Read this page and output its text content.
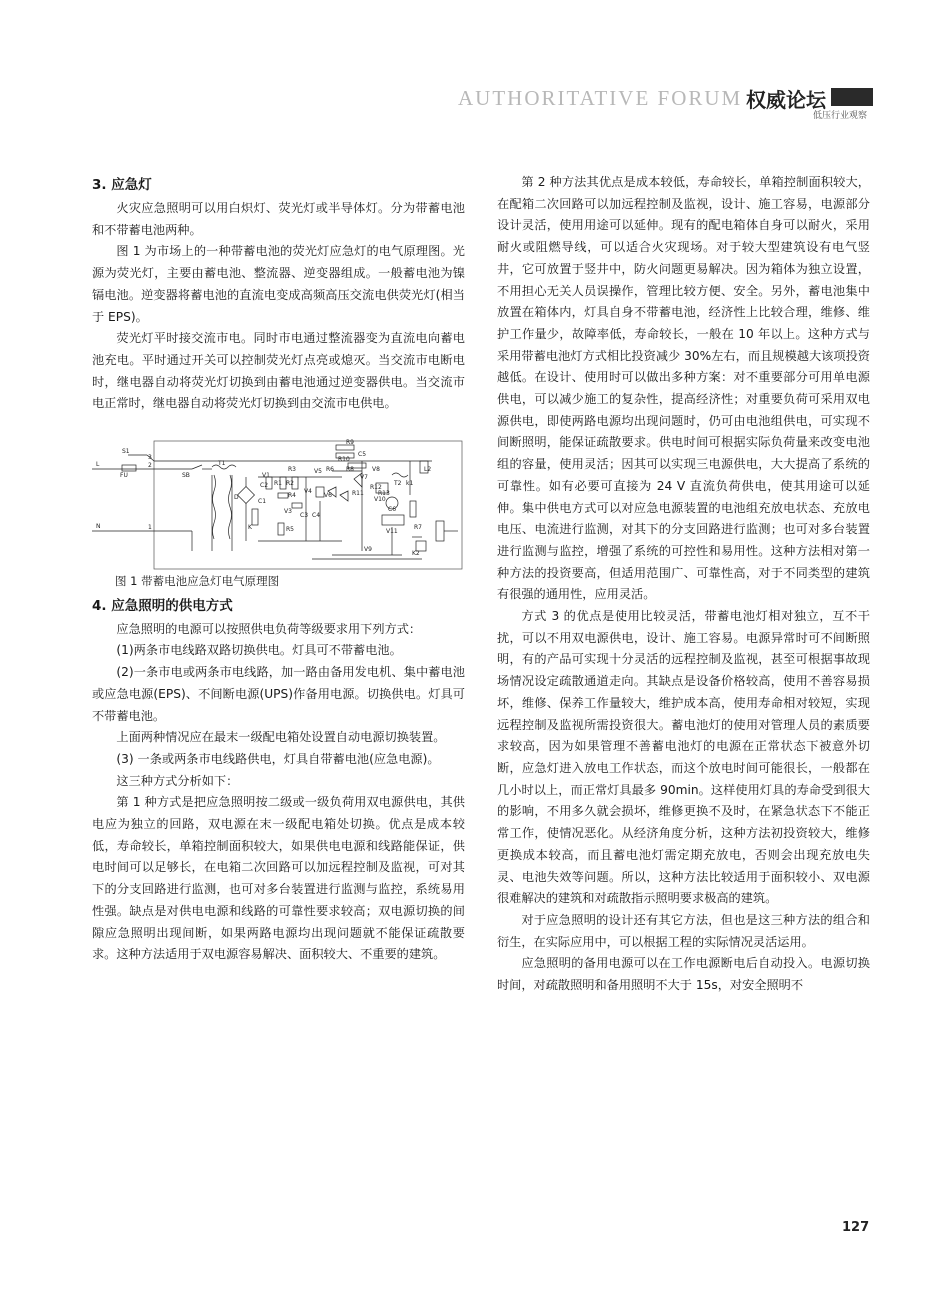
AUTHORITATIVE FORUM 权威论坛
低压行业观察
3. 应急灯

火灾应急照明可以用白炽灯、荧光灯或半导体灯。分为带蓄电池和不带蓄电池两种。

图 1 为市场上的一种带蓄电池的荧光灯应急灯的电气原理图。光源为荧光灯，主要由蓄电池、整流器、逆变器组成。一般蓄电池为镍镉电池。逆变器将蓄电池的直流电变成高频高压交流电供荧光灯(相当于 EPS)。

荧光灯平时接交流市电。同时市电通过整流器变为直流电向蓄电池充电。平时通过开关可以控制荧光灯点亮或熄灭。当交流市电断电时，继电器自动将荧光灯切换到由蓄电池通过逆变器供电。当交流市电正常时，继电器自动将荧光灯切换到由交流市电供电。

S1
L
FU
N
SB
T1
D
C1
K
R1 R2
R3
R4
R5
R6
R7
R8
R9
R10
R11
R12
R13
C2
C3 C4
C5
C6
V1
V3
V4
V5
V6
V7
V8
V9
V10
V11
T2 k1
L2
K2
1
2
3

图 1 带蓄电池应急灯电气原理图

4. 应急照明的供电方式

应急照明的电源可以按照供电负荷等级要求用下列方式：

(1)两条市电线路双路切换供电。灯具可不带蓄电池。

(2)一条市电或两条市电线路，加一路由备用发电机、集中蓄电池或应急电源(EPS)、不间断电源(UPS)作备用电源。切换供电。灯具可不带蓄电池。

上面两种情况应在最末一级配电箱处设置自动电源切换装置。

(3) 一条或两条市电线路供电，灯具自带蓄电池(应急电源)。

这三种方式分析如下：

第 1 种方式是把应急照明按二级或一级负荷用双电源供电，其供电应为独立的回路，双电源在末一级配电箱处切换。优点是成本较低，寿命较长，单箱控制面积较大，如果供电电源和线路能保证，供电时间可以足够长，在电箱二次回路可以加远程控制及监视，可对其下的分支回路进行监测，也可对多台装置进行监测与监控，系统易用性强。缺点是对供电电源和线路的可靠性要求较高；双电源切换的间隙应急照明出现间断，如果两路电源均出现问题就不能保证疏散要求。这种方法适用于双电源容易解决、面积较大、不重要的建筑。

第 2 种方法其优点是成本较低，寿命较长，单箱控制面积较大，在配箱二次回路可以加远程控制及监视，设计、施工容易，电源部分设计灵活，使用用途可以延伸。现有的配电箱体自身可以耐火，采用耐火或阻燃导线，可以适合火灾现场。对于较大型建筑设有电气竖井，它可放置于竖井中，防火问题更易解决。因为箱体为独立设置，不用担心无关人员误操作，管理比较方便、安全。另外，蓄电池集中放置在箱体内，灯具自身不带蓄电池，经济性上比较合理，维修、维护工作量少，故障率低，寿命较长，一般在 10 年以上。这种方式与采用带蓄电池灯方式相比投资减少 30%左右，而且规模越大该项投资越低。在设计、使用时可以做出多种方案：对不重要部分可用单电源供电，可以减少施工的复杂性，提高经济性；对重要负荷可采用双电源供电，即使两路电源均出现问题时，仍可由电池组供电，可实现不间断照明，能保证疏散要求。供电时间可根据实际负荷量来改变电池组的容量，使用灵活；因其可以实现三电源供电，大大提高了系统的可靠性。如有必要可直接为 24 V 直流负荷供电，使其用途可以延伸。集中供电方式可以对应急电源装置的电池组充放电状态、充放电电压、电流进行监测，对其下的分支回路进行监测；也可对多台装置进行监测与监控，增强了系统的可控性和易用性。这种方法相对第一种方法的投资要高，但适用范围广、可靠性高，对于不同类型的建筑有很强的通用性，应用灵活。

方式 3 的优点是使用比较灵活，带蓄电池灯相对独立，互不干扰，可以不用双电源供电，设计、施工容易。电源异常时可不间断照明，有的产品可实现十分灵活的远程控制及监视，甚至可根据事故现场情况设定疏散通道走向。其缺点是设备价格较高，使用不善容易损坏，维修、保养工作量较大，维护成本高，使用寿命相对较短，实现远程控制及监视所需投资很大。蓄电池灯的使用对管理人员的素质要求较高，因为如果管理不善蓄电池灯的电源在正常状态下被意外切断，应急灯进入放电工作状态，而这个放电时间可能很长，一般都在几小时以上，而正常灯具最多 90min。这样使用灯具的寿命受到很大的影响，不用多久就会损坏，维修更换不及时，在紧急状态下不能正常工作，使情况恶化。从经济角度分析，这种方法初投资较大，维修更换成本较高，而且蓄电池灯需定期充放电，否则会出现充放电失灵、电池失效等问题。所以，这种方法比较适用于面积较小、双电源很难解决的建筑和对疏散指示照明要求极高的建筑。

对于应急照明的设计还有其它方法，但也是这三种方法的组合和衍生，在实际应用中，可以根据工程的实际情况灵活运用。

应急照明的备用电源可以在工作电源断电后自动投入。电源切换时间，对疏散照明和备用照明不大于 15s，对安全照明不

127
